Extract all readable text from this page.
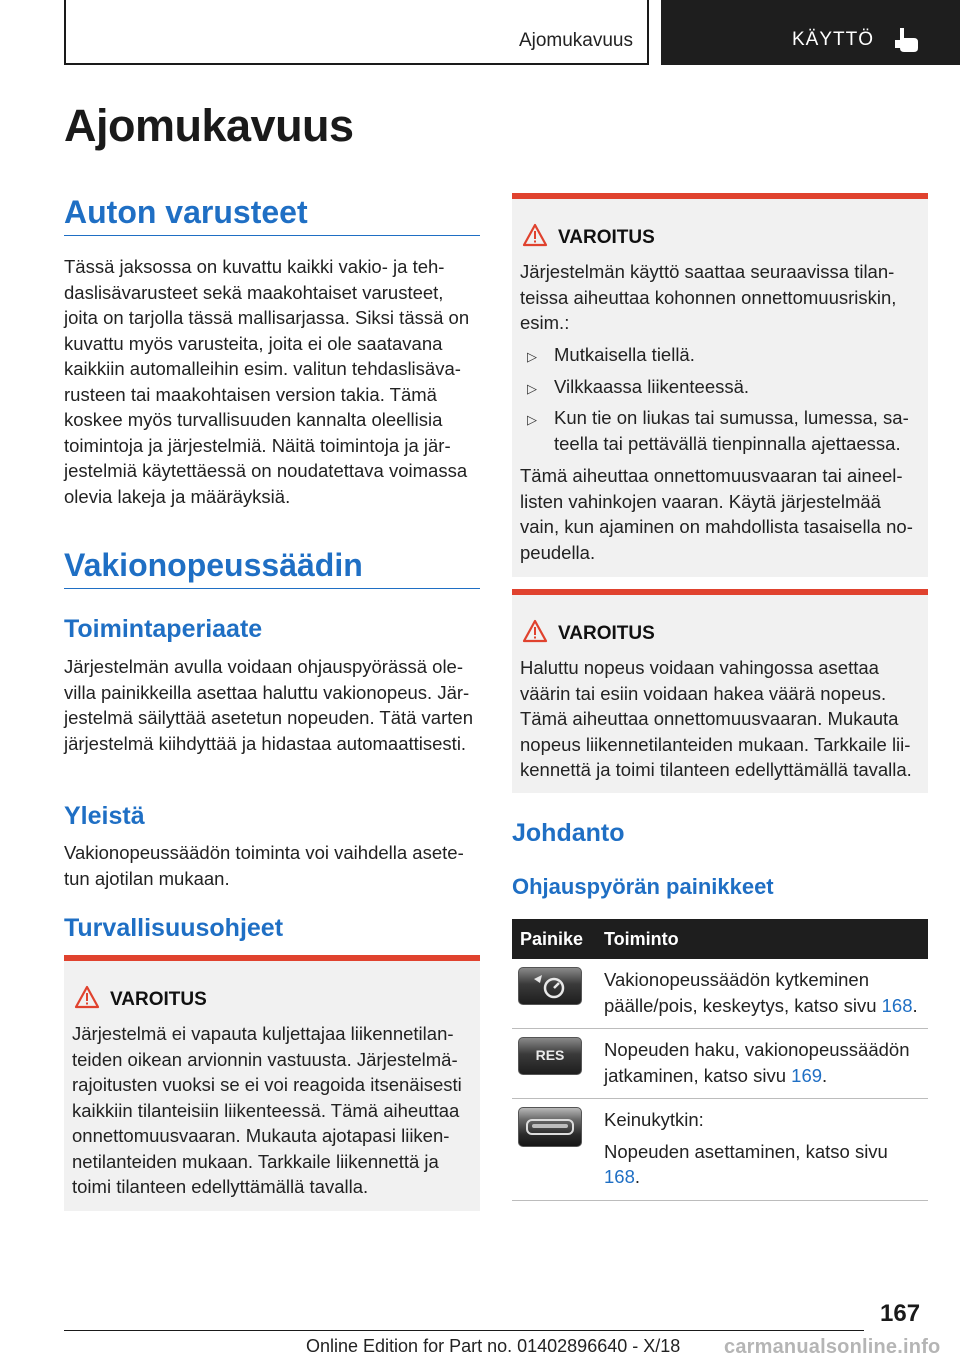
Ajomukavuus	KÄYTTÖ
Ajomukavuus
Auton varusteet
Tässä jaksossa on kuvattu kaikki vakio- ja tehdaslisävarusteet sekä maakohtaiset varusteet, joita on tarjolla tässä mallisarjassa. Siksi tässä on kuvattu myös varusteita, joita ei ole saatavana kaikkiin automalleihin esim. valitun tehdaslisävarusteen tai maakohtaisen version takia. Tämä koskee myös turvallisuuden kannalta oleellisia toimintoja ja järjestelmiä. Näitä toimintoja ja järjestelmiä käytettäessä on noudatettava voimassa olevia lakeja ja määräyksiä.
Vakionopeussäädin
Toimintaperiaate
Järjestelmän avulla voidaan ohjauspyörässä olevilla painikkeilla asettaa haluttu vakionopeus. Järjestelmä säilyttää asetetun nopeuden. Tätä varten järjestelmä kiihdyttää ja hidastaa automaattisesti.
Yleistä
Vakionopeussäädön toiminta voi vaihdella asetetun ajotilan mukaan.
Turvallisuusohjeet
VAROITUS
Järjestelmä ei vapauta kuljettajaa liikennetilanteiden oikean arvionnin vastuusta. Järjestelmärajoitusten vuoksi se ei voi reagoida itsenäisesti kaikkiin tilanteisiin liikenteessä. Tämä aiheuttaa onnettomuusvaaran. Mukauta ajotapasi liikennetilanteiden mukaan. Tarkkaile liikennettä ja toimi tilanteen edellyttämällä tavalla.
VAROITUS
Järjestelmän käyttö saattaa seuraavissa tilanteissa aiheuttaa kohonnen onnettomuusriskin, esim.:
▷ Mutkaisella tiellä.
▷ Vilkkaassa liikenteessä.
▷ Kun tie on liukas tai sumussa, lumessa, sateella tai pettävällä tienpinnalla ajettaessa.
Tämä aiheuttaa onnettomuusvaaran tai aineellisten vahinkojen vaaran. Käytä järjestelmää vain, kun ajaminen on mahdollista tasaisella nopeudella.
VAROITUS
Haluttu nopeus voidaan vahingossa asettaa väärin tai esiin voidaan hakea väärä nopeus. Tämä aiheuttaa onnettomuusvaaran. Mukauta nopeus liikennetilanteiden mukaan. Tarkkaile liikennettä ja toimi tilanteen edellyttämällä tavalla.
Johdanto
Ohjauspyörän painikkeet
Painike	Toiminto

	Vakionopeussäädön kytkeminen päälle/pois, keskeytys, katso sivu 168.

RES	Nopeuden haku, vakionopeussäädön jatkaminen, katso sivu 169.

Keinukytkin:
Nopeuden asettaminen, katso sivu 168.
167
Online Edition for Part no. 01402896640 - X/18 carmanualsonline.info
